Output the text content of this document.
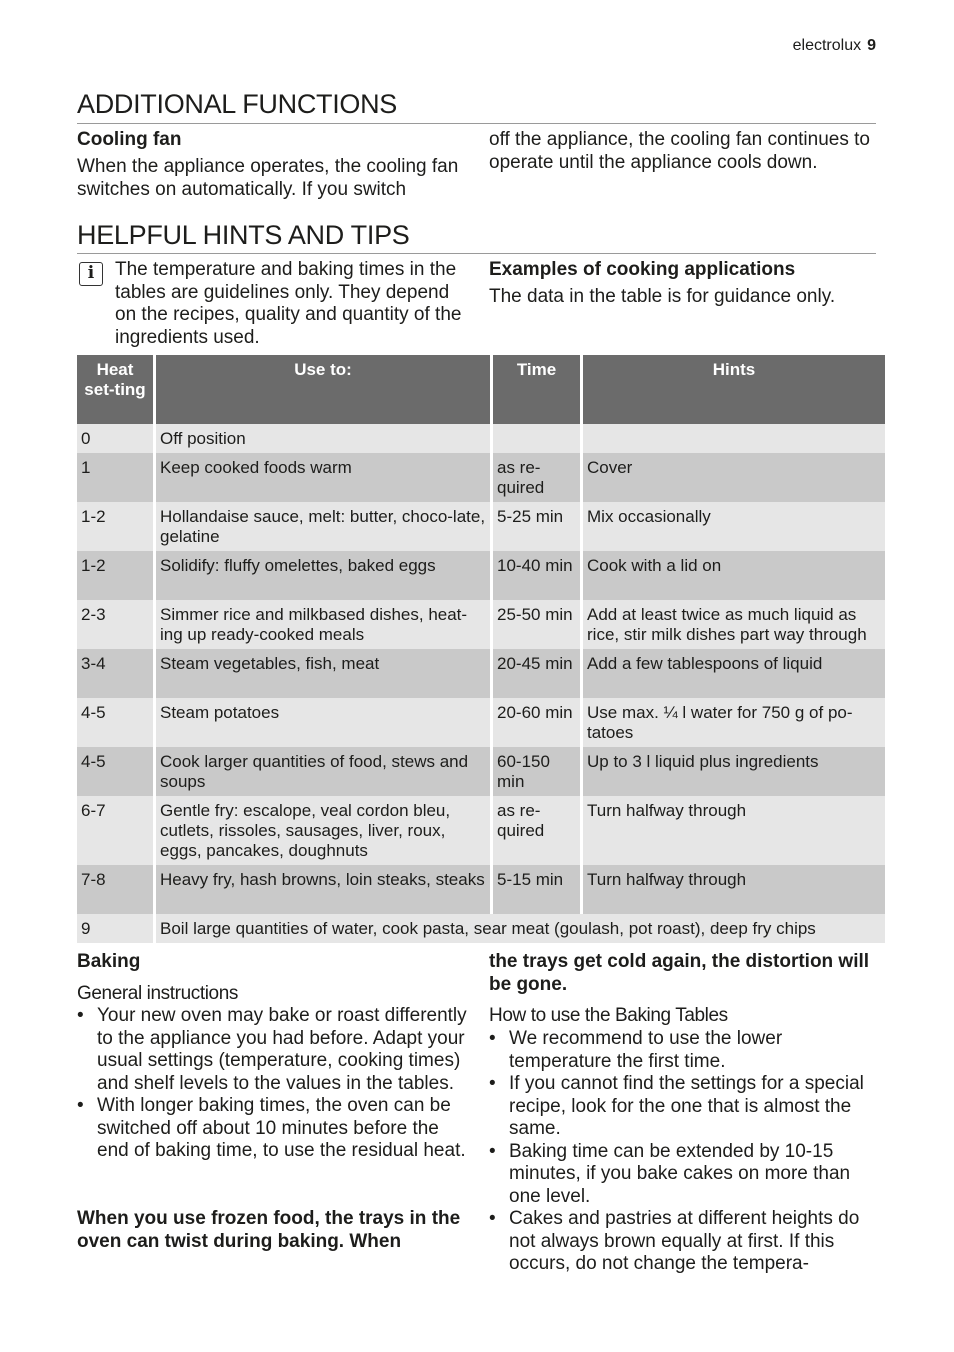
electrolux 9
ADDITIONAL FUNCTIONS
Cooling fan
When the appliance operates, the cooling fan switches on automatically. If you switch
off the appliance, the cooling fan continues to operate until the appliance cools down.
HELPFUL HINTS AND TIPS
i	The temperature and baking times in the tables are guidelines only. They depend on the recipes, quality and quantity of the ingredients used.
Examples of cooking applications
The data in the table is for guidance only.
Heat set-ting	Use to:	Time	Hints
0	Off position		
1	Keep cooked foods warm	as re-quired	Cover
1-2	Hollandaise sauce, melt: butter, choco-late, gelatine	5-25 min	Mix occasionally
1-2	Solidify: fluffy omelettes, baked eggs	10-40 min	Cook with a lid on
2-3	Simmer rice and milkbased dishes, heat-ing up ready-cooked meals	25-50 min	Add at least twice as much liquid as rice, stir milk dishes part way through
3-4	Steam vegetables, fish, meat	20-45 min	Add a few tablespoons of liquid
4-5	Steam potatoes	20-60 min	Use max. ¼ l water for 750 g of po-tatoes
4-5	Cook larger quantities of food, stews and soups	60-150 min	Up to 3 l liquid plus ingredients
6-7	Gentle fry: escalope, veal cordon bleu, cutlets, rissoles, sausages, liver, roux, eggs, pancakes, doughnuts	as re-quired	Turn halfway through
7-8	Heavy fry, hash browns, loin steaks, steaks	5-15 min	Turn halfway through
9	Boil large quantities of water, cook pasta, sear meat (goulash, pot roast), deep fry chips		
Baking
General instructions
• Your new oven may bake or roast differently to the appliance you had before. Adapt your usual settings (temperature, cooking times) and shelf levels to the values in the tables.
• With longer baking times, the oven can be switched off about 10 minutes before the end of baking time, to use the residual heat.
When you use frozen food, the trays in the oven can twist during baking. When
the trays get cold again, the distortion will be gone.
How to use the Baking Tables
• We recommend to use the lower temperature the first time.
• If you cannot find the settings for a special recipe, look for the one that is almost the same.
• Baking time can be extended by 10-15 minutes, if you bake cakes on more than one level.
• Cakes and pastries at different heights do not always brown equally at first. If this occurs, do not change the tempera-
